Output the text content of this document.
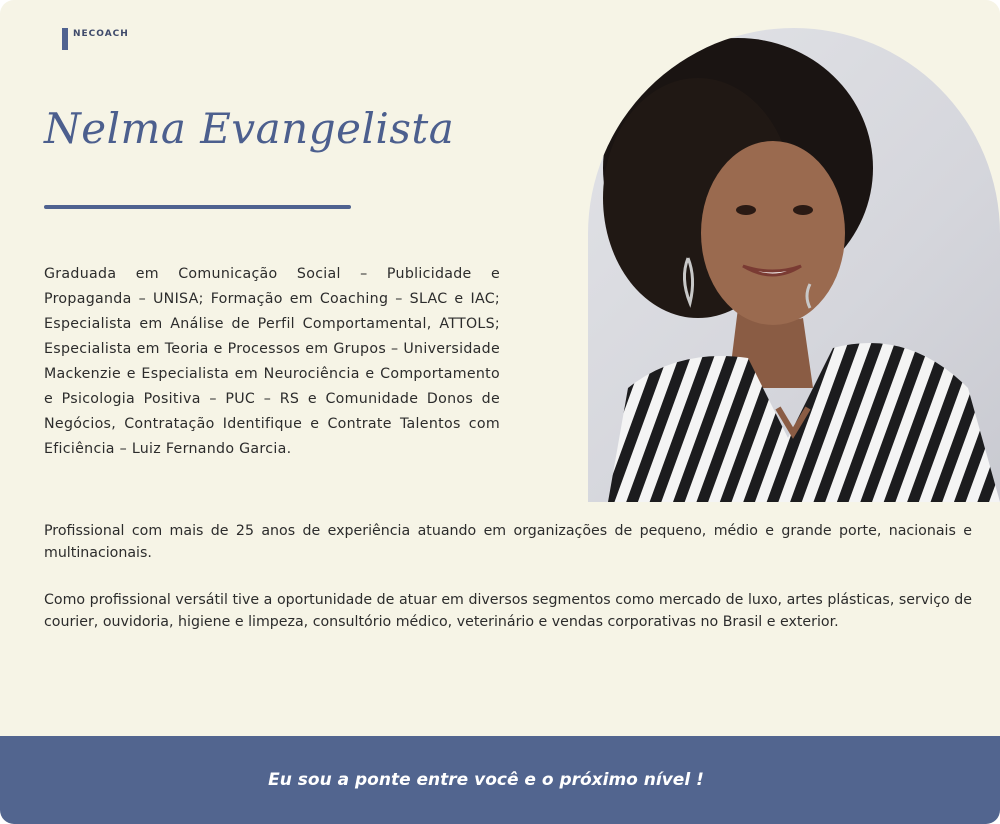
NECOACH
Nelma Evangelista
Graduada em Comunicação Social – Publicidade e Propaganda – UNISA; Formação em Coaching – SLAC e IAC; Especialista em Análise de Perfil Comportamental, ATTOLS; Especialista em Teoria e Processos em Grupos – Universidade Mackenzie e Especialista em Neurociência e Comportamento e Psicologia Positiva – PUC – RS e Comunidade Donos de Negócios, Contratação Identifique e Contrate Talentos com Eficiência – Luiz Fernando Garcia.
Profissional com mais de 25 anos de experiência atuando em organizações de pequeno, médio e grande porte, nacionais e multinacionais.
Como profissional versátil tive a oportunidade de atuar em diversos segmentos como mercado de luxo, artes plásticas, serviço de courier, ouvidoria, higiene e limpeza, consultório médico, veterinário e vendas corporativas no Brasil e exterior.
Eu sou a ponte entre você e o próximo nível !
